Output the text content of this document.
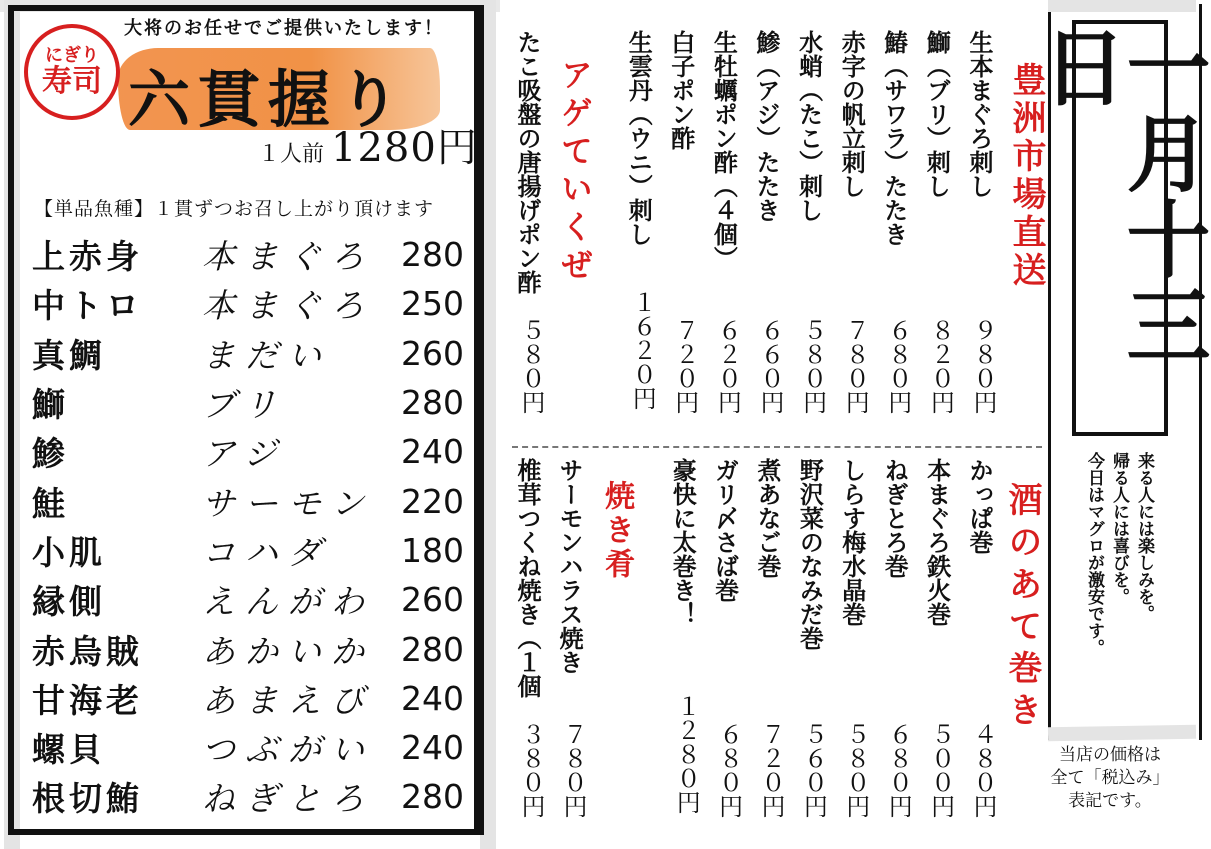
大将のお任せでご提供いたします！
にぎり
寿司 六貫握り
１人前 1280円
【単品魚種】１貫ずつお召し上がり頂けます
上赤身	本まぐろ 280
中トロ	本まぐろ 250
真鯛	まだい	260
鰤	ブリ	280
鯵	アジ	240
鮭	サーモン 220
小肌	コハダ	180
縁側	えんがわ 260
赤烏賊	あかいか 280
甘海老	あまえび 240
螺貝	つぶがい 240
根切鮪	ねぎとろ 280
豊洲市場直送
生本まぐろ刺し
９８０円
鰤（ブリ）刺し
８２０円
鰆（サワラ）たたき
６８０円
赤字の帆立刺し
７８０円
水蛸（たこ）刺し
５８０円
鯵（アジ）たたき
６６０円
生牡蠣ポン酢（４個）
６２０円
白子ポン酢
７２０円
生雲丹（ウニ）刺し
１６２０円
アゲていくぜ
たこ吸盤の唐揚げポン酢
５８０円
酒のあて巻き
かっぱ巻
４８０円
本まぐろ鉄火巻
５００円
ねぎとろ巻
６８０円
しらす梅水晶巻
５８０円
野沢菜のなみだ巻
５６０円
煮あなご巻
７２０円
ガリ〆さば巻
６８０円
豪快に太巻き！
１２８０円
焼き肴
サーモンハラス焼き
７８０円
椎茸つくね焼き（１個
３８０円
一月十三日
来る人には楽しみを。
帰る人には喜びを。
今日はマグロが激安です。
当店の価格は
全て「税込み」
表記です。
